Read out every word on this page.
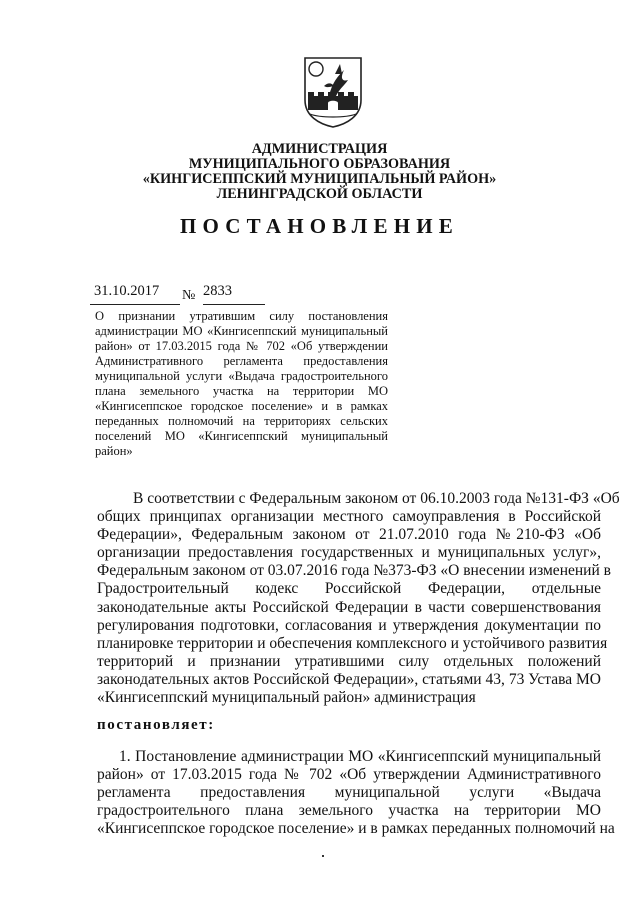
АДМИНИСТРАЦИЯ
МУНИЦИПАЛЬНОГО ОБРАЗОВАНИЯ
«КИНГИСЕППСКИЙ МУНИЦИПАЛЬНЫЙ РАЙОН»
ЛЕНИНГРАДСКОЙ ОБЛАСТИ
ПОСТАНОВЛЕНИЕ
31.10.2017	№ 2833
О признании утратившим силу постановления
администрации МО «Кингисеппский муниципальный
район» от 17.03.2015 года № 702 «Об утверждении
Административного регламента предоставления
муниципальной услуги «Выдача градостроительного
плана земельного участка на территории МО
«Кингисеппское городское поселение» и в рамках
переданных полномочий на территориях сельских
поселений МО «Кингисеппский муниципальный
район»
В соответствии с Федеральным законом от 06.10.2003 года №131-ФЗ «Об
общих принципах организации местного самоуправления в Российской
Федерации», Федеральным законом от 21.07.2010 года №210-ФЗ «Об
организации предоставления государственных и муниципальных услуг»,
Федеральным законом от 03.07.2016 года №373-ФЗ «О внесении изменений в
Градостроительный кодекс Российской Федерации, отдельные
законодательные акты Российской Федерации в части совершенствования
регулирования подготовки, согласования и утверждения документации по
планировке территории и обеспечения комплексного и устойчивого развития
территорий и признании утратившими силу отдельных положений
законодательных актов Российской Федерации», статьями 43, 73 Устава МО
«Кингисеппский муниципальный район» администрация
постановляет:
1. Постановление администрации МО «Кингисеппский муниципальный
район» от 17.03.2015 года № 702 «Об утверждении Административного
регламента предоставления муниципальной услуги «Выдача
градостроительного плана земельного участка на территории МО
«Кингисеппское городское поселение» и в рамках переданных полномочий на
